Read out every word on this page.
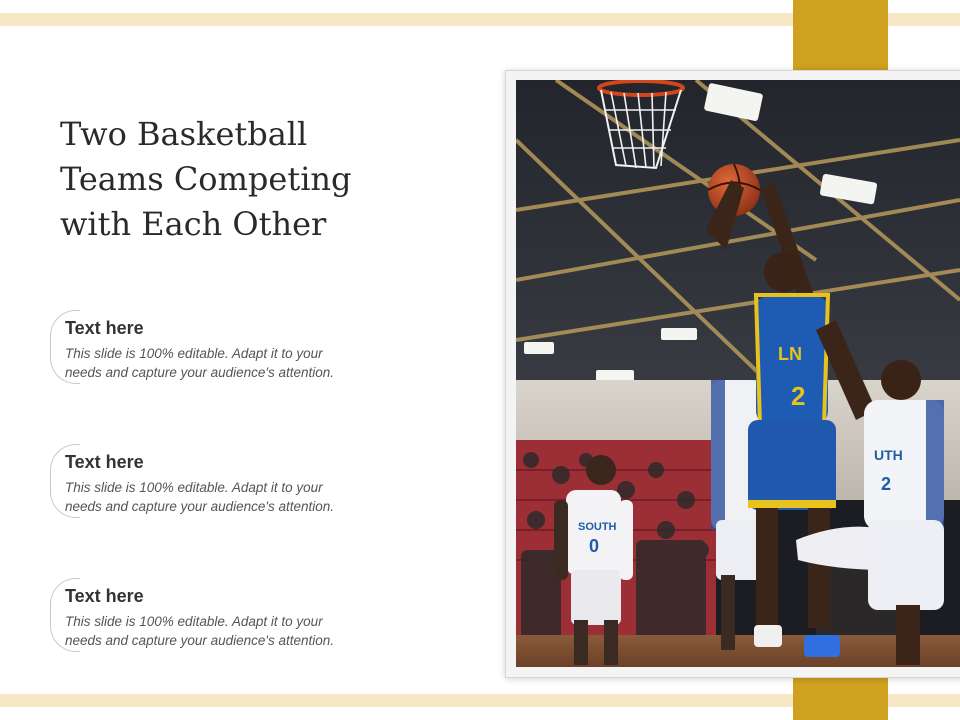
Two Basketball
Teams Competing
with Each Other
Text here
This slide is 100% editable. Adapt it to your
needs and capture your audience's attention.
Text here
This slide is 100% editable. Adapt it to your
needs and capture your audience's attention.
Text here
This slide is 100% editable. Adapt it to your
needs and capture your audience's attention.
SOUTH
0
LN
2
UTH
2
